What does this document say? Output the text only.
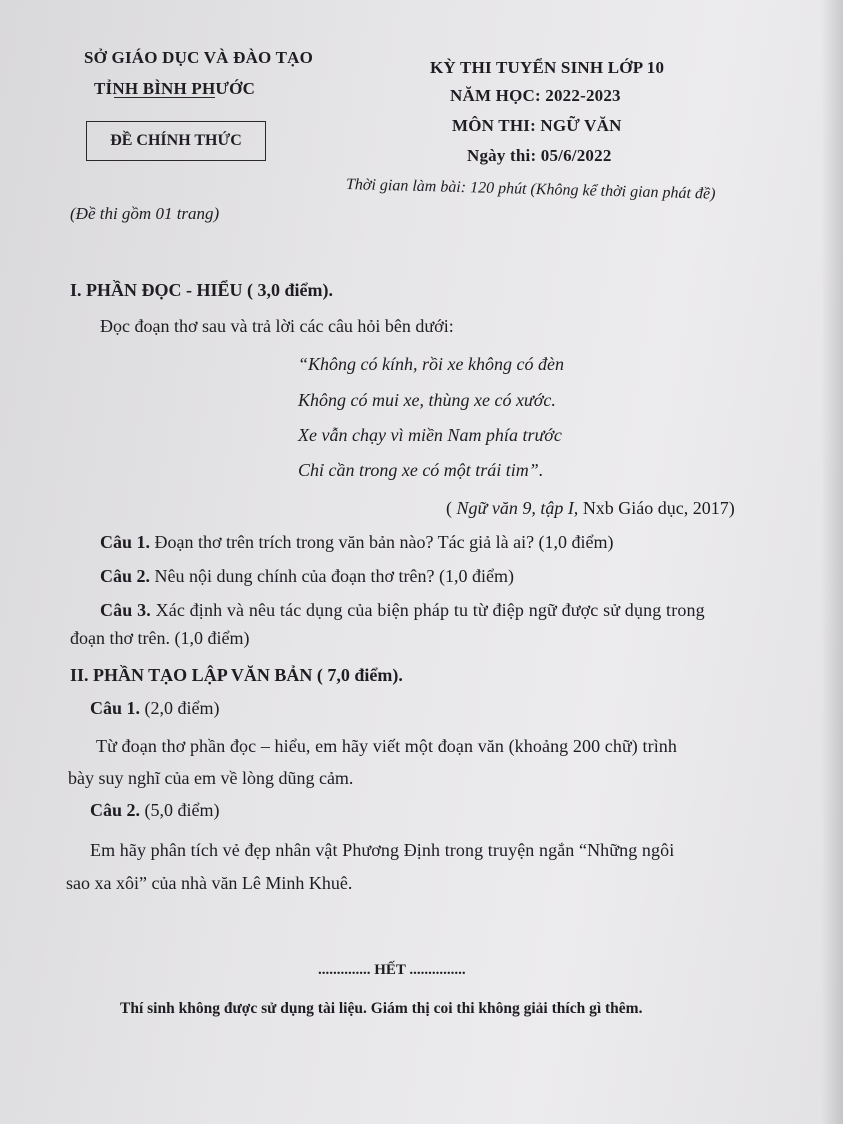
SỞ GIÁO DỤC VÀ ĐÀO TẠO
TỈNH BÌNH PHƯỚC
ĐỀ CHÍNH THỨC
(Đề thi gồm 01 trang)
KỲ THI TUYỂN SINH LỚP 10
NĂM HỌC: 2022-2023
MÔN THI: NGỮ VĂN
Ngày thi: 05/6/2022
Thời gian làm bài: 120 phút (Không kể thời gian phát đề)
I. PHẦN ĐỌC - HIỂU ( 3,0 điểm).
Đọc đoạn thơ sau và trả lời các câu hỏi bên dưới:
“Không có kính, rồi xe không có đèn
Không có mui xe, thùng xe có xước.
Xe vẫn chạy vì miền Nam phía trước
Chỉ cần trong xe có một trái tim”.
( Ngữ văn 9, tập I, Nxb Giáo dục, 2017)
Câu 1. Đoạn thơ trên trích trong văn bản nào? Tác giả là ai? (1,0 điểm)
Câu 2. Nêu nội dung chính của đoạn thơ trên? (1,0 điểm)
Câu 3. Xác định và nêu tác dụng của biện pháp tu từ điệp ngữ được sử dụng trong
đoạn thơ trên. (1,0 điểm)
II. PHẦN TẠO LẬP VĂN BẢN ( 7,0 điểm).
Câu 1. (2,0 điểm)
Từ đoạn thơ phần đọc – hiểu, em hãy viết một đoạn văn (khoảng 200 chữ) trình
bày suy nghĩ của em về lòng dũng cảm.
Câu 2. (5,0 điểm)
Em hãy phân tích vẻ đẹp nhân vật Phương Định trong truyện ngắn “Những ngôi
sao xa xôi” của nhà văn Lê Minh Khuê.
.............. HẾT ...............
Thí sinh không được sử dụng tài liệu. Giám thị coi thi không giải thích gì thêm.
